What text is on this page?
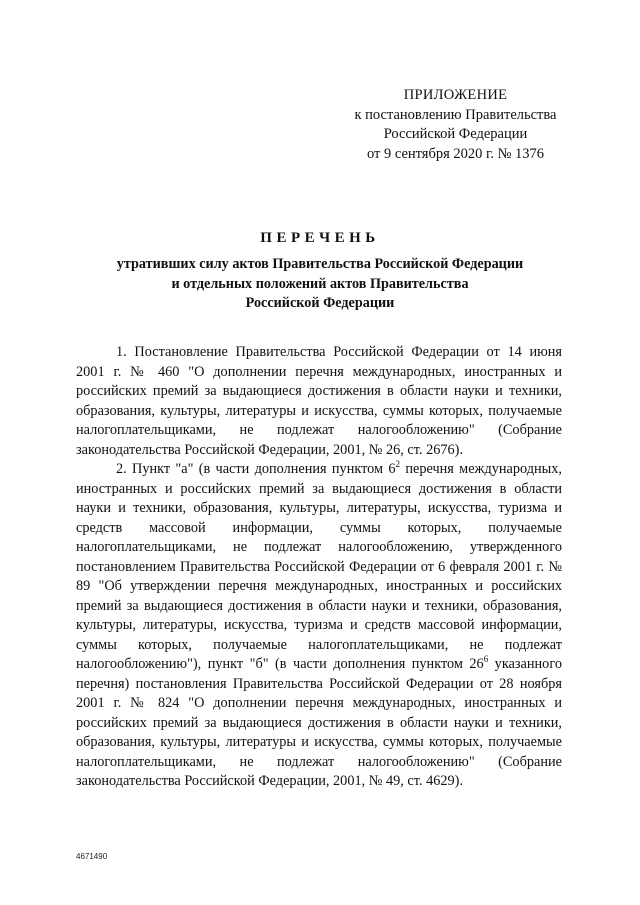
ПРИЛОЖЕНИЕ
к постановлению Правительства
Российской Федерации
от 9 сентября 2020 г. № 1376
ПЕРЕЧЕНЬ
утративших силу актов Правительства Российской Федерации
и отдельных положений актов Правительства
Российской Федерации

1. Постановление Правительства Российской Федерации от 14 июня 2001 г. № 460 "О дополнении перечня международных, иностранных и российских премий за выдающиеся достижения в области науки и техники, образования, культуры, литературы и искусства, суммы которых, получаемые налогоплательщиками, не подлежат налогообложению" (Собрание законодательства Российской Федерации, 2001, № 26, ст. 2676).

2. Пункт "а" (в части дополнения пунктом $6^2$ перечня международных, иностранных и российских премий за выдающиеся достижения в области науки и техники, образования, культуры, литературы, искусства, туризма и средств массовой информации, суммы которых, получаемые налогоплательщиками, не подлежат налогообложению, утвержденного постановлением Правительства Российской Федерации от 6 февраля 2001 г. № 89 "Об утверждении перечня международных, иностранных и российских премий за выдающиеся достижения в области науки и техники, образования, культуры, литературы, искусства, туризма и средств массовой информации, суммы которых, получаемые налогоплательщиками, не подлежат налогообложению"), пункт "б" (в части дополнения пунктом $26^6$ указанного перечня) постановления Правительства Российской Федерации от 28 ноября 2001 г. № 824 "О дополнении перечня международных, иностранных и российских премий за выдающиеся достижения в области науки и техники, образования, культуры, литературы и искусства, суммы которых, получаемые налогоплательщиками, не подлежат налогообложению" (Собрание законодательства Российской Федерации, 2001, № 49, ст. 4629).

4671490
